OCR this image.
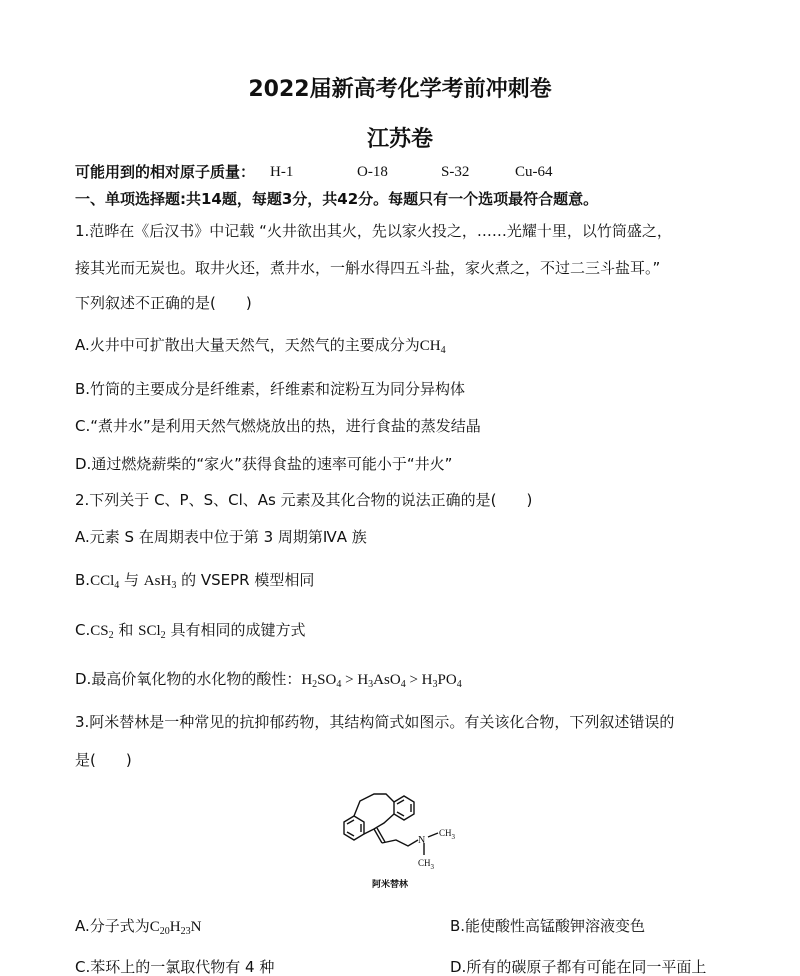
2022届新高考化学考前冲刺卷
江苏卷
可能用到的相对原子质量： H-1	O-18	S-32	Cu-64
一、单项选择题:共14题，每题3分，共42分。每题只有一个选项最符合题意。
1.范晔在《后汉书》中记载 “火井欲出其火，先以家火投之，……光耀十里，以竹筒盛之，
接其光而无炭也。取井火还，煮井水，一斛水得四五斗盐，家火煮之，不过二三斗盐耳。”
下列叙述不正确的是(　　)
A.火井中可扩散出大量天然气，天然气的主要成分为$CH_4$
B.竹筒的主要成分是纤维素，纤维素和淀粉互为同分异构体
C.“煮井水”是利用天然气燃烧放出的热，进行食盐的蒸发结晶
D.通过燃烧薪柴的“家火”获得食盐的速率可能小于“井火”
2.下列关于 C、P、S、Cl、As 元素及其化合物的说法正确的是(　　)
A.元素 S 在周期表中位于第 3 周期第ⅣA 族
B.CCl$_4$ 与 AsH$_3$ 的 VSEPR 模型相同
$C.CS_2$ 和 SCl$_2$ 具有相同的成键方式
D.最高价氧化物的水化物的酸性：$H_2SO_4 > H_3AsO_4 > H_3PO_4$
3.阿米替林是一种常见的抗抑郁药物，其结构简式如图示。有关该化合物，下列叙述错误的
是(　　)
N
$CH_3$
$CH_3$
阿米替林
A.分子式为$C_{20}H_{23}N$	B.能使酸性高锰酸钾溶液变色
C.苯环上的一氯取代物有 4 种	D.所有的碳原子都有可能在同一平面上
